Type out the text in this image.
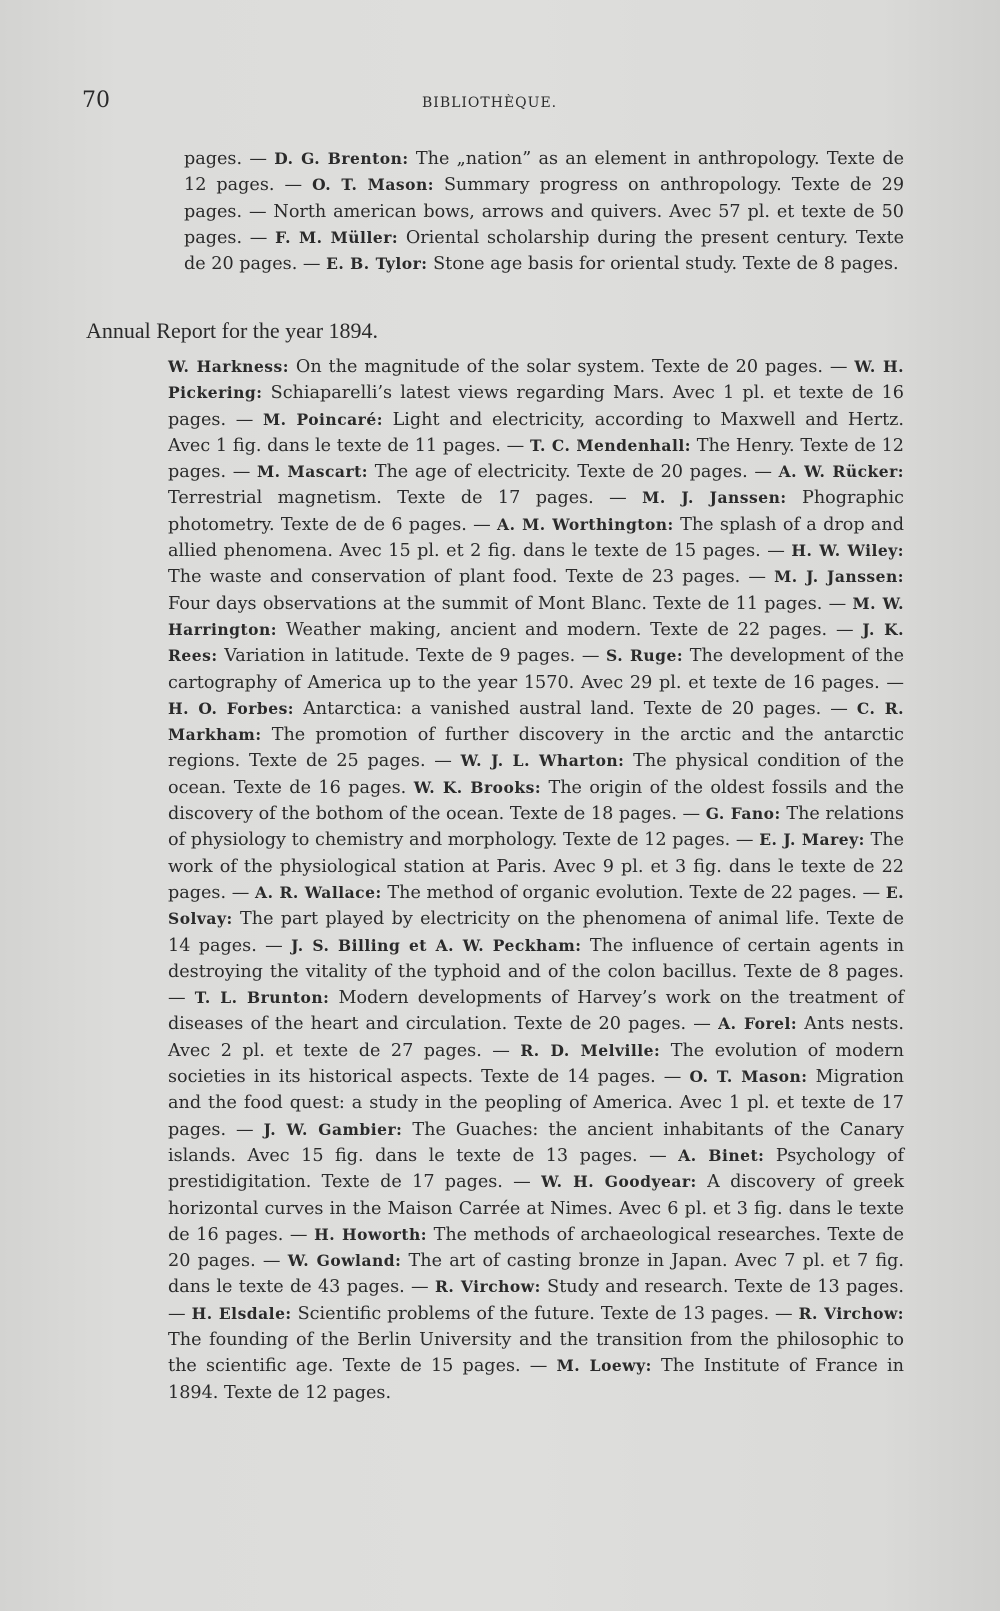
70	BIBLIOTHÈQUE.
pages. — D. G. Brenton: The „nation” as an element in anthropology. Texte de 12 pages. — O. T. Mason: Summary progress on anthropology. Texte de 29 pages. — North american bows, arrows and quivers. Avec 57 pl. et texte de 50 pages. — F. M. Müller: Oriental scholarship during the present century. Texte de 20 pages. — E. B. Tylor: Stone age basis for oriental study. Texte de 8 pages.
Annual Report for the year 1894.
W. Harkness: On the magnitude of the solar system. Texte de 20 pages. — W. H. Pickering: Schiaparelli’s latest views regarding Mars. Avec 1 pl. et texte de 16 pages. — M. Poincaré: Light and electricity, according to Maxwell and Hertz. Avec 1 fig. dans le texte de 11 pages. — T. C. Mendenhall: The Henry. Texte de 12 pages. — M. Mascart: The age of electricity. Texte de 20 pages. — A. W. Rücker: Terrestrial magnetism. Texte de 17 pages. — M. J. Janssen: Phographic photometry. Texte de de 6 pages. — A. M. Worthington: The splash of a drop and allied phenomena. Avec 15 pl. et 2 fig. dans le texte de 15 pages. — H. W. Wiley: The waste and conservation of plant food. Texte de 23 pages. — M. J. Janssen: Four days observations at the summit of Mont Blanc. Texte de 11 pages. — M. W. Harrington: Weather making, ancient and modern. Texte de 22 pages. — J. K. Rees: Variation in latitude. Texte de 9 pages. — S. Ruge: The development of the cartography of America up to the year 1570. Avec 29 pl. et texte de 16 pages. — H. O. Forbes: Antarctica: a vanished austral land. Texte de 20 pages. — C. R. Markham: The promotion of further discovery in the arctic and the antarctic regions. Texte de 25 pages. — W. J. L. Wharton: The physical condition of the ocean. Texte de 16 pages. W. K. Brooks: The origin of the oldest fossils and the discovery of the bothom of the ocean. Texte de 18 pages. — G. Fano: The relations of physiology to chemistry and morphology. Texte de 12 pages. — E. J. Marey: The work of the physiological station at Paris. Avec 9 pl. et 3 fig. dans le texte de 22 pages. — A. R. Wallace: The method of organic evolution. Texte de 22 pages. — E. Solvay: The part played by electricity on the phenomena of animal life. Texte de 14 pages. — J. S. Billing et A. W. Peckham: The influence of certain agents in destroying the vitality of the typhoid and of the colon bacillus. Texte de 8 pages. — T. L. Brunton: Modern developments of Harvey’s work on the treatment of diseases of the heart and circulation. Texte de 20 pages. — A. Forel: Ants nests. Avec 2 pl. et texte de 27 pages. — R. D. Melville: The evolution of modern societies in its historical aspects. Texte de 14 pages. — O. T. Mason: Migration and the food quest: a study in the peopling of America. Avec 1 pl. et texte de 17 pages. — J. W. Gambier: The Guaches: the ancient inhabitants of the Canary islands. Avec 15 fig. dans le texte de 13 pages. — A. Binet: Psychology of prestidigitation. Texte de 17 pages. — W. H. Goodyear: A discovery of greek horizontal curves in the Maison Carrée at Nimes. Avec 6 pl. et 3 fig. dans le texte de 16 pages. — H. Howorth: The methods of archaeological researches. Texte de 20 pages. — W. Gowland: The art of casting bronze in Japan. Avec 7 pl. et 7 fig. dans le texte de 43 pages. — R. Virchow: Study and research. Texte de 13 pages. — H. Elsdale: Scientific problems of the future. Texte de 13 pages. — R. Virchow: The founding of the Berlin University and the transition from the philosophic to the scientific age. Texte de 15 pages. — M. Loewy: The Institute of France in 1894. Texte de 12 pages.
